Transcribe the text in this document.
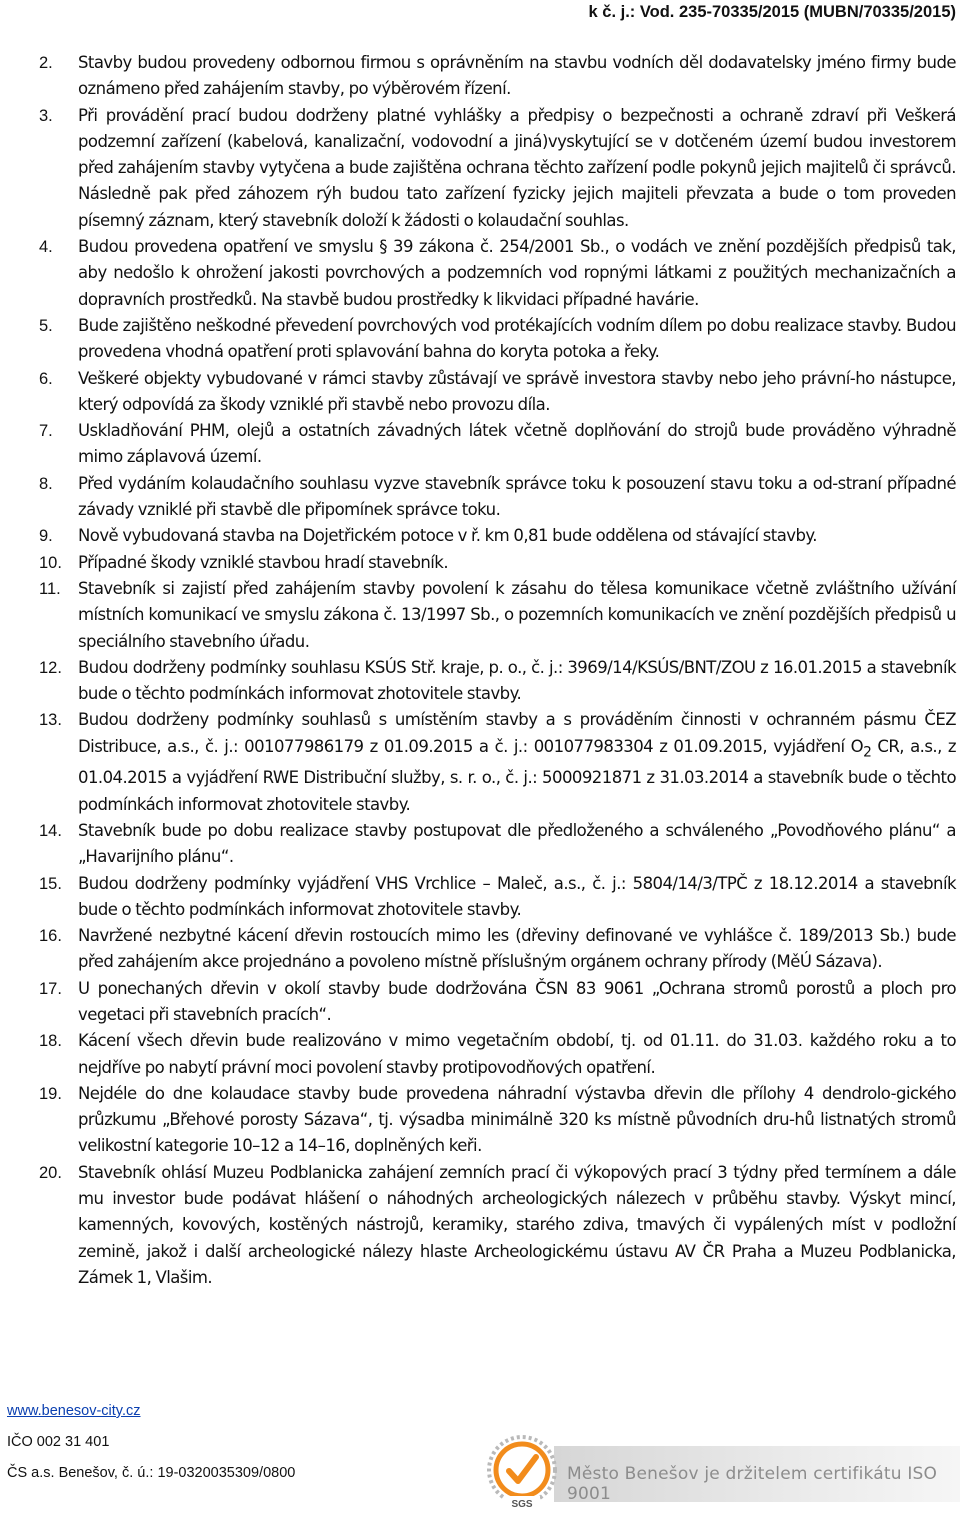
k č. j.: Vod. 235-70335/2015 (MUBN/70335/2015)
2. Stavby budou provedeny odbornou firmou s oprávněním na stavbu vodních děl dodavatelsky jméno firmy bude oznámeno před zahájením stavby, po výběrovém řízení.
3. Při provádění prací budou dodrženy platné vyhlášky a předpisy o bezpečnosti a ochraně zdraví při Veškerá podzemní zařízení (kabelová, kanalizační, vodovodní a jiná)vyskytující se v dotčeném území budou investorem před zahájením stavby vytyčena a bude zajištěna ochrana těchto zařízení podle pokynů jejich majitelů či správců. Následně pak před záhozem rýh budou tato zařízení fyzicky jejich majiteli převzata a bude o tom proveden písemný záznam, který stavebník doloží k žádosti o kolaudační souhlas.
4. Budou provedena opatření ve smyslu § 39 zákona č. 254/2001 Sb., o vodách ve znění pozdějších předpisů tak, aby nedošlo k ohrožení jakosti povrchových a podzemních vod ropnými látkami z použitých mechanizačních a dopravních prostředků. Na stavbě budou prostředky k likvidaci případné havárie.
5. Bude zajištěno neškodné převedení povrchových vod protékajících vodním dílem po dobu realizace stavby. Budou provedena vhodná opatření proti splavování bahna do koryta potoka a řeky.
6. Veškeré objekty vybudované v rámci stavby zůstávají ve správě investora stavby nebo jeho právní-ho nástupce, který odpovídá za škody vzniklé při stavbě nebo provozu díla.
7. Uskladňování PHM, olejů a ostatních závadných látek včetně doplňování do strojů bude prováděno výhradně mimo záplavová území.
8. Před vydáním kolaudačního souhlasu vyzve stavebník správce toku k posouzení stavu toku a od-straní případné závady vzniklé při stavbě dle připomínek správce toku.
9. Nově vybudovaná stavba na Dojetřickém potoce v ř. km 0,81 bude oddělena od stávající stavby.
10. Případné škody vzniklé stavbou hradí stavebník.
11. Stavebník si zajistí před zahájením stavby povolení k zásahu do tělesa komunikace včetně zvláštního užívání místních komunikací ve smyslu zákona č. 13/1997 Sb., o pozemních komunikacích ve znění pozdějších předpisů u speciálního stavebního úřadu.
12. Budou dodrženy podmínky souhlasu KSÚS Stř. kraje, p. o., č. j.: 3969/14/KSÚS/BNT/ZOU z 16.01.2015 a stavebník bude o těchto podmínkách informovat zhotovitele stavby.
13. Budou dodrženy podmínky souhlasů s umístěním stavby a s prováděním činnosti v ochranném pásmu ČEZ Distribuce, a.s., č. j.: 001077986179 z 01.09.2015 a č. j.: 001077983304 z 01.09.2015, vyjádření $O_2$ CR, a.s., z 01.04.2015 a vyjádření RWE Distribuční služby, s. r. o., č. j.: 5000921871 z 31.03.2014 a stavebník bude o těchto podmínkách informovat zhotovitele stavby.
14. Stavebník bude po dobu realizace stavby postupovat dle předloženého a schváleného „Povodňového plánu“ a „Havarijního plánu“.
15. Budou dodrženy podmínky vyjádření VHS Vrchlice – Maleč, a.s., č. j.: 5804/14/3/TPČ z 18.12.2014 a stavebník bude o těchto podmínkách informovat zhotovitele stavby.
16. Navržené nezbytné kácení dřevin rostoucích mimo les (dřeviny definované ve vyhlášce č. 189/2013 Sb.) bude před zahájením akce projednáno a povoleno místně příslušným orgánem ochrany přírody (MěÚ Sázava).
17. U ponechaných dřevin v okolí stavby bude dodržována ČSN 83 9061 „Ochrana stromů porostů a ploch pro vegetaci při stavebních pracích“.
18. Kácení všech dřevin bude realizováno v mimo vegetačním období, tj. od 01.11. do 31.03. každého roku a to nejdříve po nabytí právní moci povolení stavby protipovodňových opatření.
19. Nejdéle do dne kolaudace stavby bude provedena náhradní výstavba dřevin dle přílohy 4 dendrolo-gického průzkumu „Břehové porosty Sázava“, tj. výsadba minimálně 320 ks místně původních dru-hů listnatých stromů velikostní kategorie 10–12 a 14–16, doplněných keři.
20. Stavebník ohlásí Muzeu Podblanicka zahájení zemních prací či výkopových prací 3 týdny před termínem a dále mu investor bude podávat hlášení o náhodných archeologických nálezech v průběhu stavby. Výskyt mincí, kamenných, kovových, kostěných nástrojů, keramiky, starého zdiva, tmavých či vypálených míst v podložní zemině, jakož i další archeologické nálezy hlaste Archeologickému ústavu AV ČR Praha a Muzeu Podblanicka, Zámek 1, Vlašim.
www.benesov-city.cz
IČO 002 31 401
ČS a.s. Benešov, č. ú.: 19-0320035309/0800
SGS
Město Benešov je držitelem certifikátu ISO 9001
